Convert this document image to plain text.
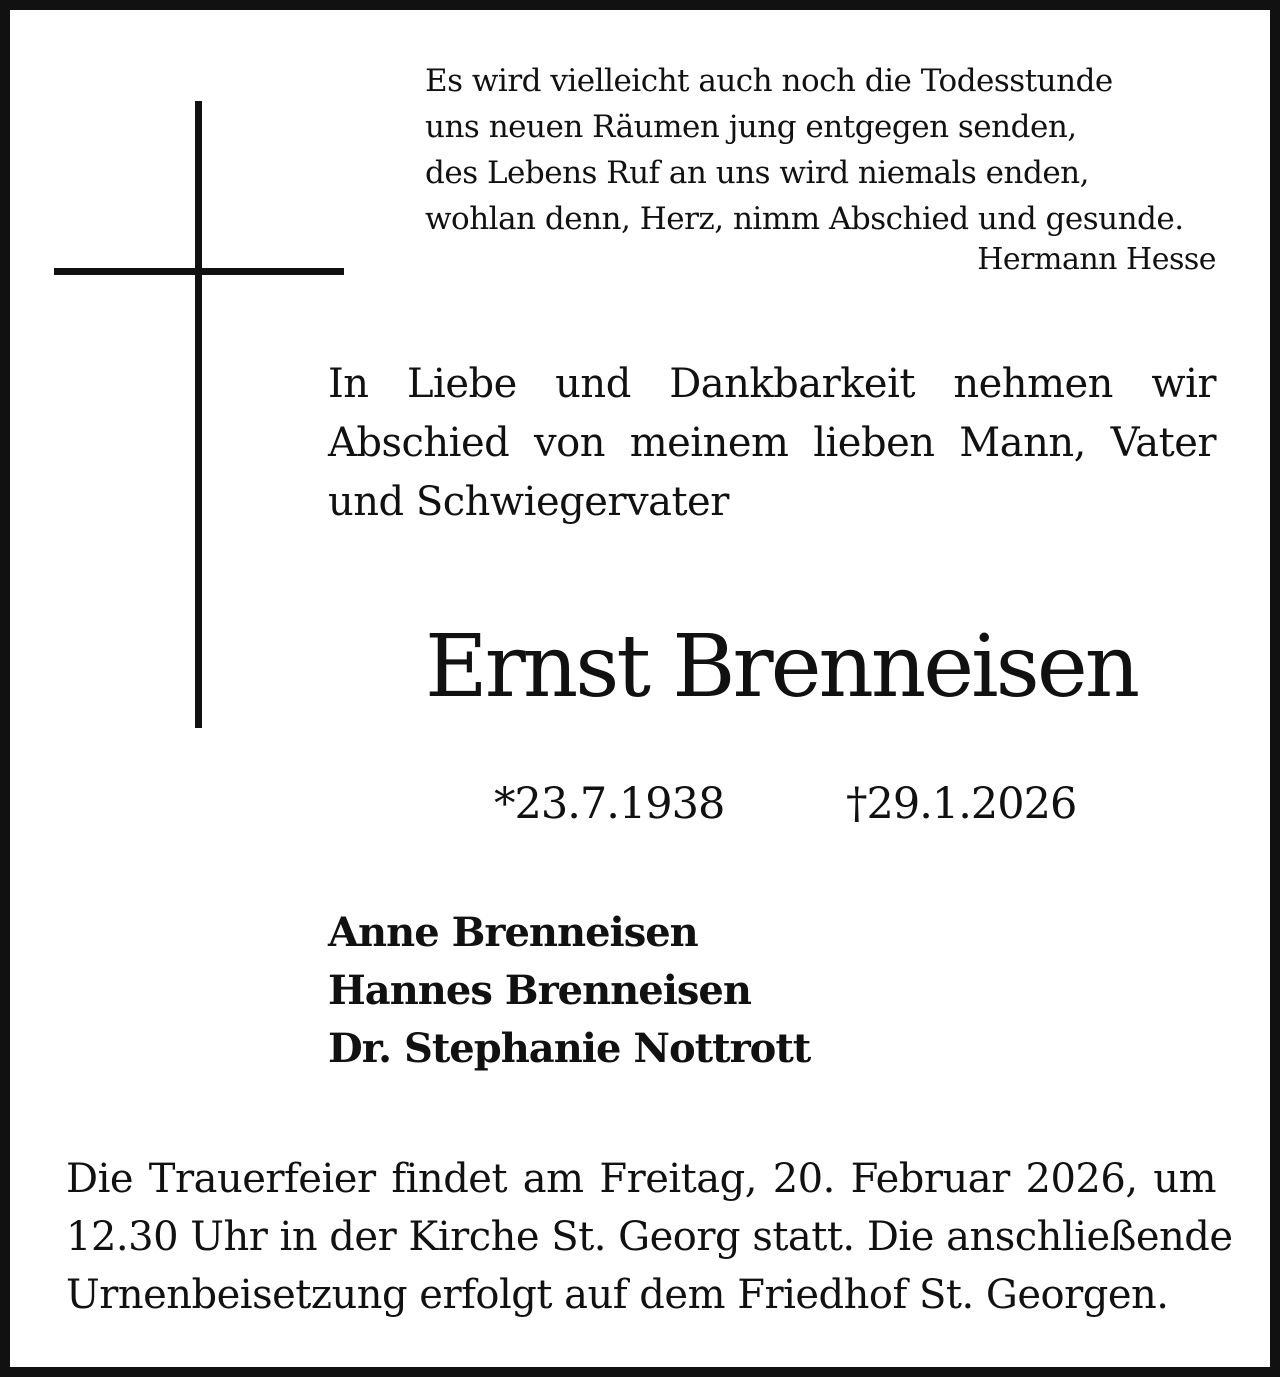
Es wird vielleicht auch noch die Todesstunde
uns neuen Räumen jung entgegen senden,
des Lebens Ruf an uns wird niemals enden,
wohlan denn, Herz, nimm Abschied und gesunde.
Hermann Hesse
In Liebe und Dankbarkeit nehmen wir
Abschied von meinem lieben Mann, Vater
und Schwiegervater
Ernst Brenneisen
*23.7.1938	†29.1.2026
Anne Brenneisen
Hannes Brenneisen
Dr. Stephanie Nottrott
Die Trauerfeier findet am Freitag, 20. Februar 2026, um
12.30 Uhr in der Kirche St. Georg statt. Die anschließende
Urnenbeisetzung erfolgt auf dem Friedhof St. Georgen.
